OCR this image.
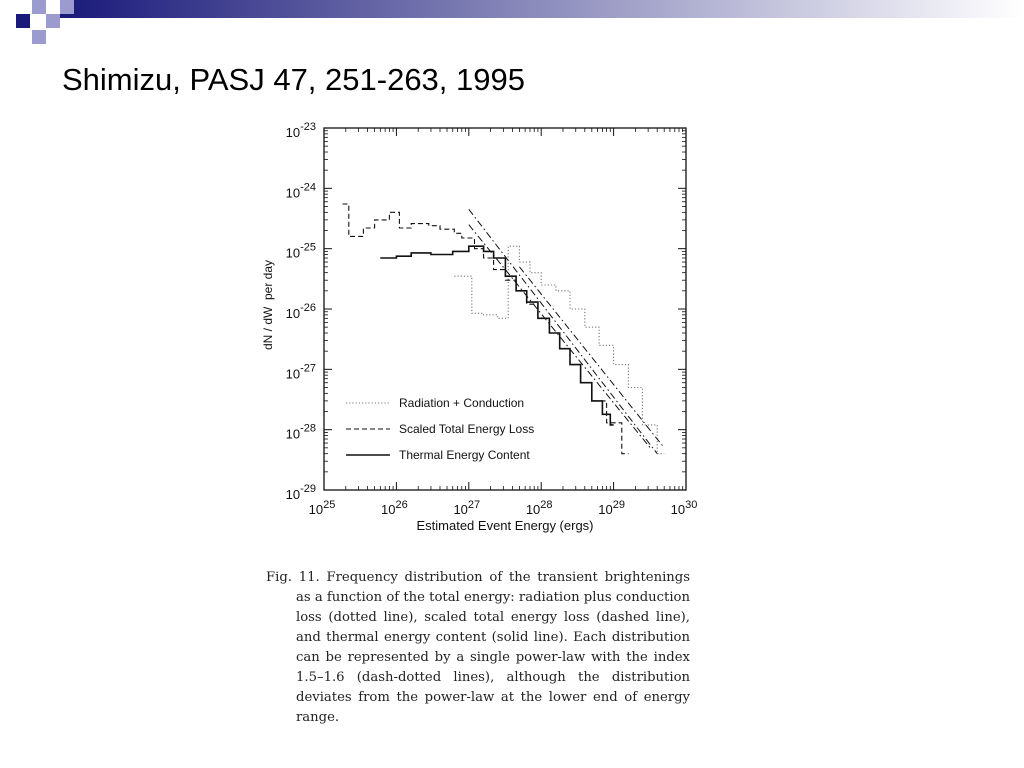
Shimizu, PASJ 47, 251-263, 1995
$10^{25}$	$10^{26}$	$10^{27}$	$10^{28}$	$10^{29}$	$10^{30}$
$10^{-29}$
$10^{-28}$
$10^{-27}$
$10^{-26}$
$10^{-25}$
$10^{-24}$
$10^{-23}$
Radiation + Conduction
Scaled Total Energy Loss
Thermal Energy Content
Estimated Event Energy (ergs)
dN / dW  per day

Fig. 11. Frequency distribution of the transient brightenings as a function of the total energy: radiation plus conduction loss (dotted line), scaled total energy loss (dashed line), and thermal energy content (solid line). Each distribution can be represented by a single power-law with the index 1.5–1.6 (dash-dotted lines), although the distribution deviates from the power-law at the lower end of energy range.
